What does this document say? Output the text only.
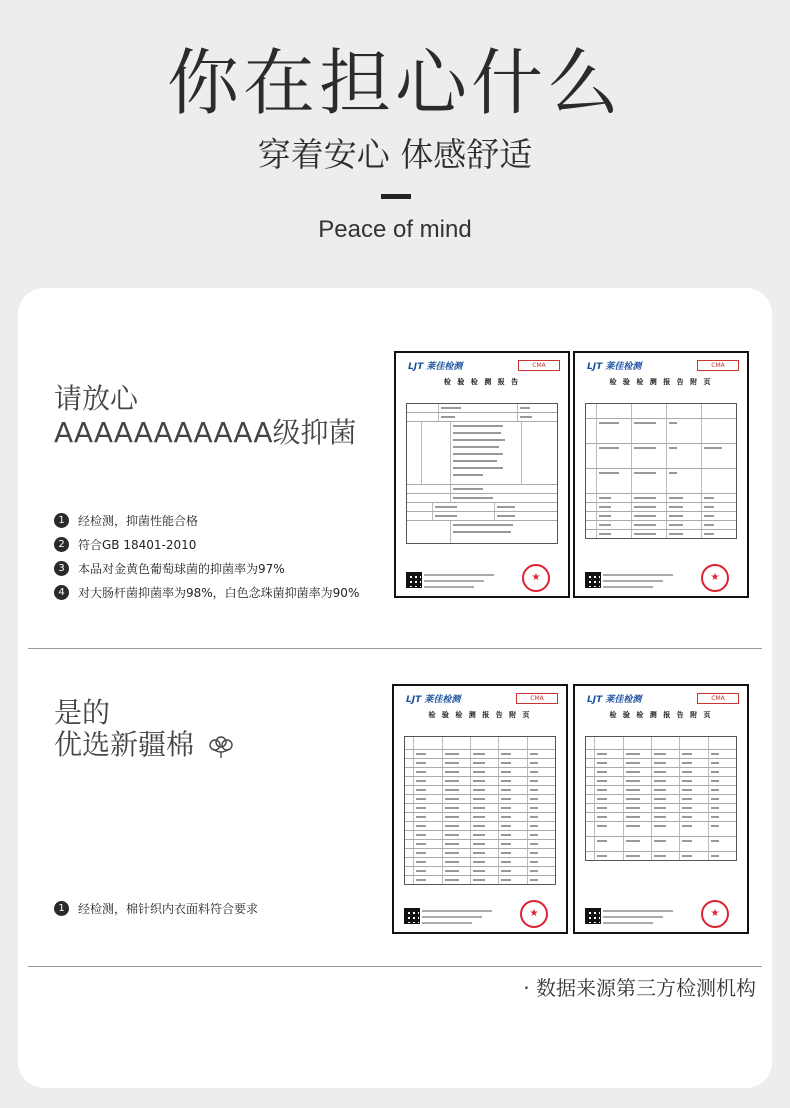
你在担心什么
穿着安心 体感舒适
Peace of mind
请放心
AAAAAAAAAAA级抑菌
1	经检测，抑菌性能合格
2	符合GB 18401-2010
3	本品对金黄色葡萄球菌的抑菌率为97%
4	对大肠杆菌抑菌率为98%，白色念珠菌抑菌率为90%
LJT 莱佳检测	CMA
检 验 检 测 报 告

★
LJT 莱佳检测	CMA
检 验 检 测 报 告 附 页

★
是的
优选新疆棉
1	经检测，棉针织内衣面料符合要求
LJT 莱佳检测	CMA
检 验 检 测 报 告 附 页

★
LJT 莱佳检测	CMA
检 验 检 测 报 告 附 页

★
· 数据来源第三方检测机构
